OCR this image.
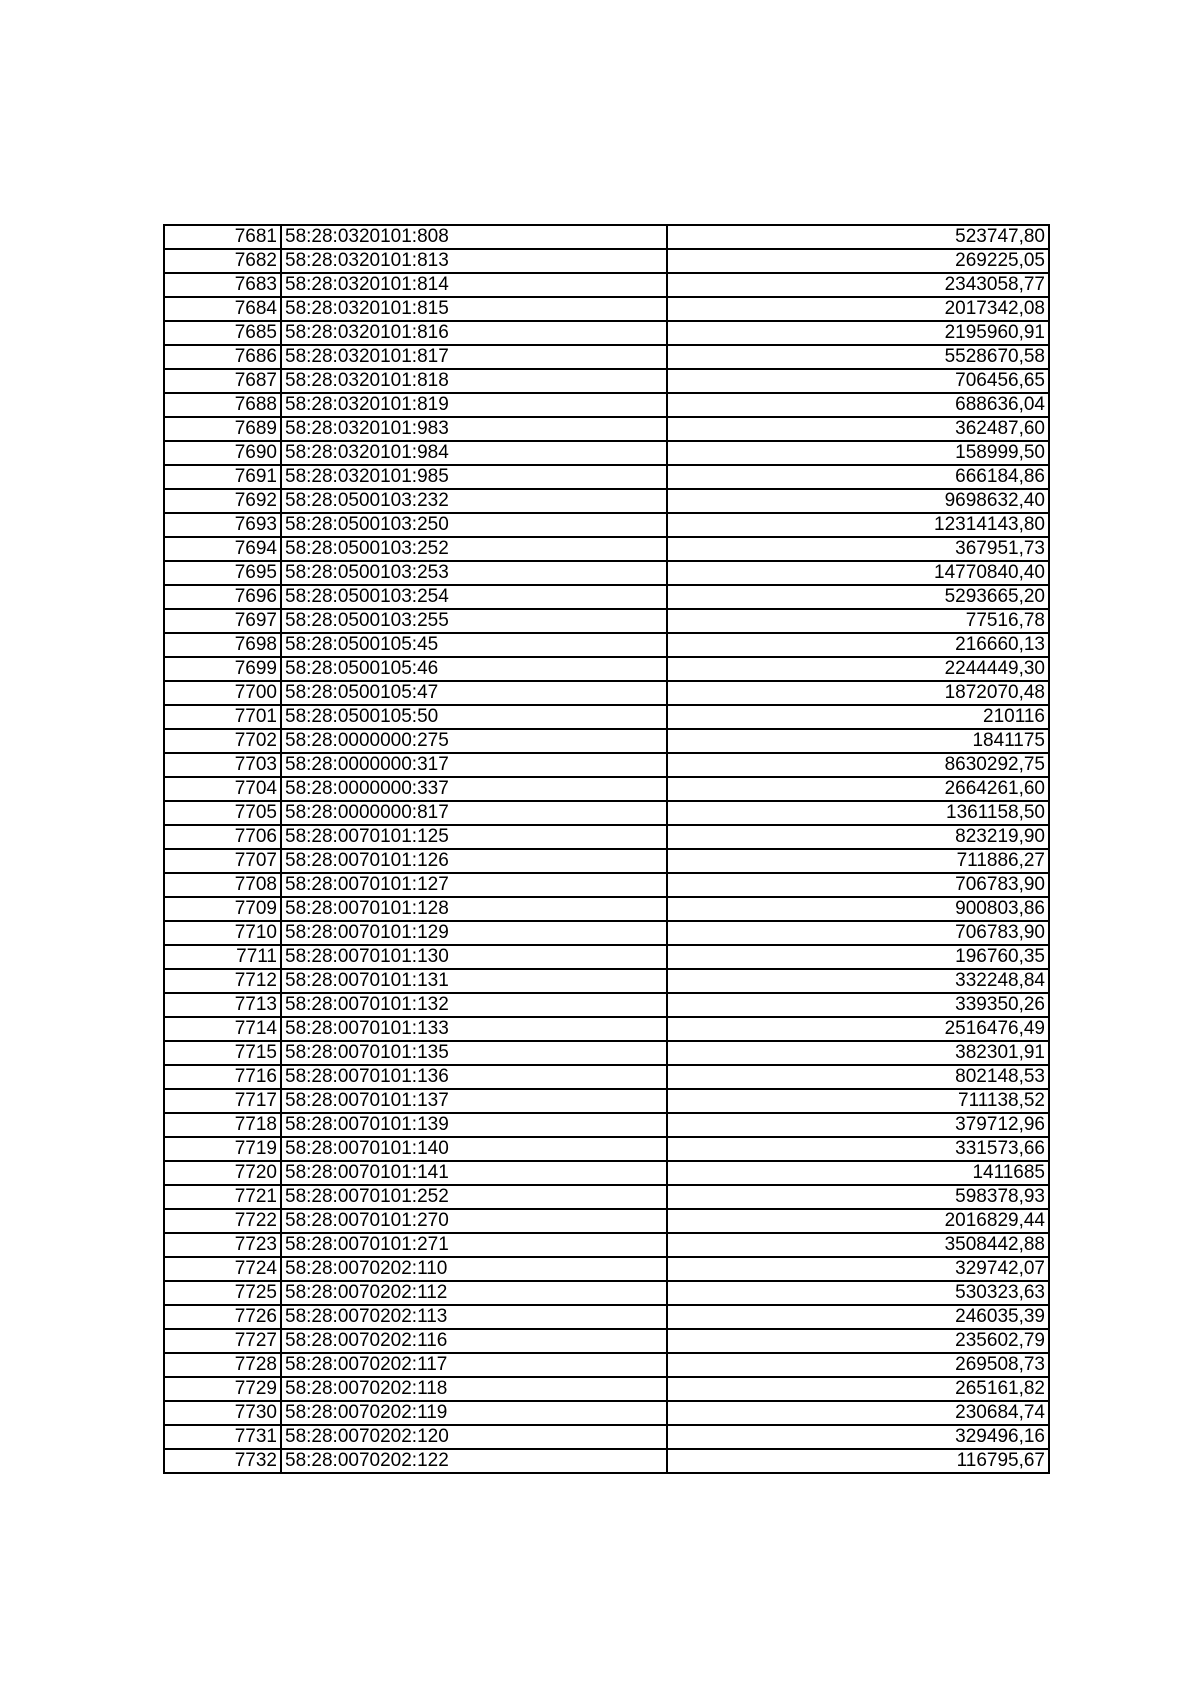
7681	58:28:0320101:808	523747,80
7682	58:28:0320101:813	269225,05
7683	58:28:0320101:814	2343058,77
7684	58:28:0320101:815	2017342,08
7685	58:28:0320101:816	2195960,91
7686	58:28:0320101:817	5528670,58
7687	58:28:0320101:818	706456,65
7688	58:28:0320101:819	688636,04
7689	58:28:0320101:983	362487,60
7690	58:28:0320101:984	158999,50
7691	58:28:0320101:985	666184,86
7692	58:28:0500103:232	9698632,40
7693	58:28:0500103:250	12314143,80
7694	58:28:0500103:252	367951,73
7695	58:28:0500103:253	14770840,40
7696	58:28:0500103:254	5293665,20
7697	58:28:0500103:255	77516,78
7698	58:28:0500105:45	216660,13
7699	58:28:0500105:46	2244449,30
7700	58:28:0500105:47	1872070,48
7701	58:28:0500105:50	210116
7702	58:28:0000000:275	1841175
7703	58:28:0000000:317	8630292,75
7704	58:28:0000000:337	2664261,60
7705	58:28:0000000:817	1361158,50
7706	58:28:0070101:125	823219,90
7707	58:28:0070101:126	711886,27
7708	58:28:0070101:127	706783,90
7709	58:28:0070101:128	900803,86
7710	58:28:0070101:129	706783,90
7711	58:28:0070101:130	196760,35
7712	58:28:0070101:131	332248,84
7713	58:28:0070101:132	339350,26
7714	58:28:0070101:133	2516476,49
7715	58:28:0070101:135	382301,91
7716	58:28:0070101:136	802148,53
7717	58:28:0070101:137	711138,52
7718	58:28:0070101:139	379712,96
7719	58:28:0070101:140	331573,66
7720	58:28:0070101:141	1411685
7721	58:28:0070101:252	598378,93
7722	58:28:0070101:270	2016829,44
7723	58:28:0070101:271	3508442,88
7724	58:28:0070202:110	329742,07
7725	58:28:0070202:112	530323,63
7726	58:28:0070202:113	246035,39
7727	58:28:0070202:116	235602,79
7728	58:28:0070202:117	269508,73
7729	58:28:0070202:118	265161,82
7730	58:28:0070202:119	230684,74
7731	58:28:0070202:120	329496,16
7732	58:28:0070202:122	116795,67
